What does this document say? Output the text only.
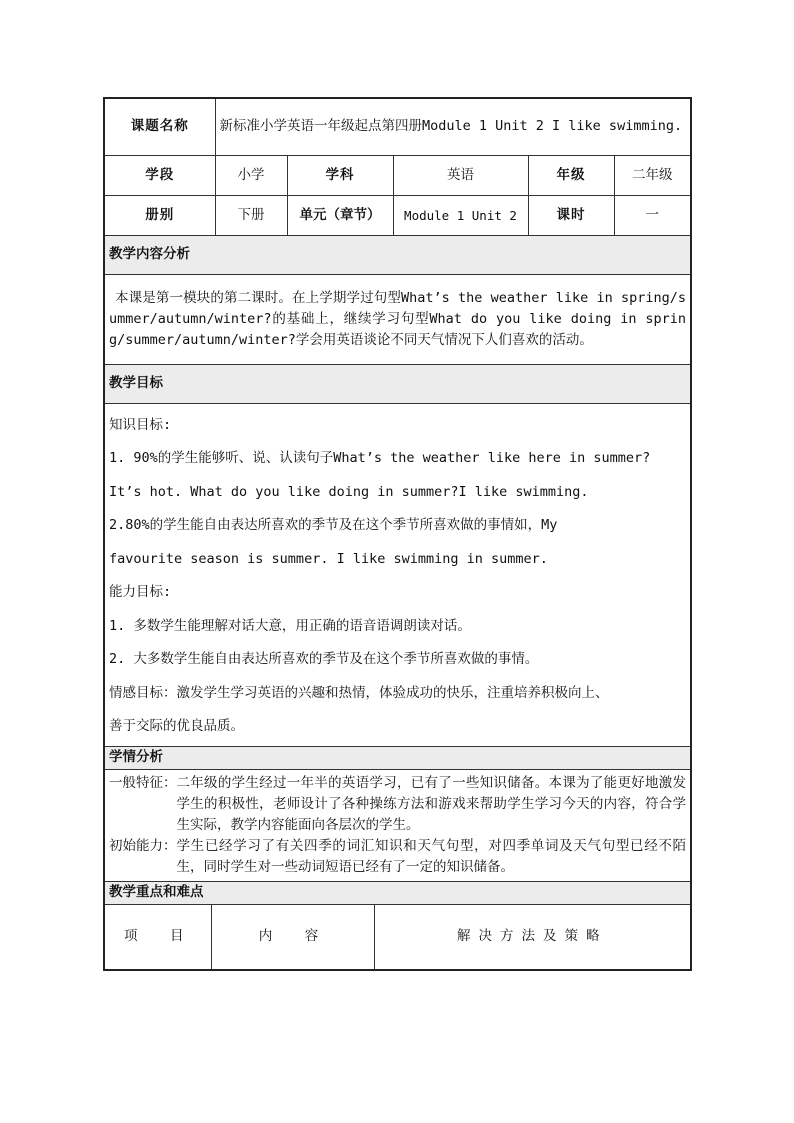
课题名称	新标准小学英语一年级起点第四册Module 1 Unit 2 I like swimming.
学段	小学	学科	英语	年级	二年级
册别	下册	单元（章节）	Module 1 Unit 2	课时	一
教学内容分析
本课是第一模块的第二课时。在上学期学过句型What’s the weather like in spring/summer/autumn/winter?的基础上，继续学习句型What do you like doing in spring/summer/autumn/winter?学会用英语谈论不同天气情况下人们喜欢的活动。
教学目标

知识目标:

1. 90%的学生能够听、说、认读句子What’s the weather like here in summer?

It’s hot. What do you like doing in summer?I like swimming.

2.80%的学生能自由表达所喜欢的季节及在这个季节所喜欢做的事情如，My

favourite season is summer. I like swimming in summer.

能力目标:

1. 多数学生能理解对话大意，用正确的语音语调朗读对话。

2. 大多数学生能自由表达所喜欢的季节及在这个季节所喜欢做的事情。

情感目标：激发学生学习英语的兴趣和热情，体验成功的快乐，注重培养积极向上、

善于交际的优良品质。

学情分析

一般特征： 二年级的学生经过一年半的英语学习，已有了一些知识储备。本课为了能更好地激发学生的积极性，老师设计了各种操练方法和游戏来帮助学生学习今天的内容，符合学生实际，教学内容能面向各层次的学生。
初始能力： 学生已经学习了有关四季的词汇知识和天气句型，对四季单词及天气句型已经不陌生，同时学生对一些动词短语已经有了一定的知识储备。

教学重点和难点

项  目	内  容	解决方法及策略
